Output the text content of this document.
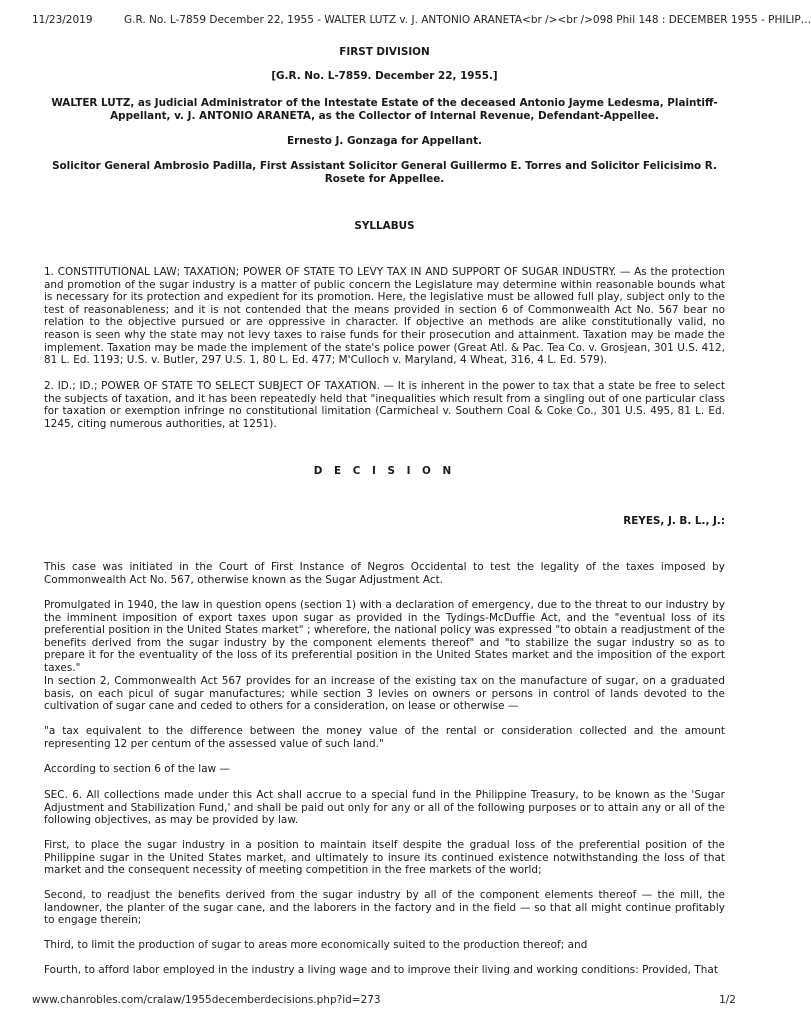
11/23/2019	G.R. No. L-7859 December 22, 1955 - WALTER LUTZ v. J. ANTONIO ARANETA<br /><br />098 Phil 148 : DECEMBER 1955 - PHILIP…
FIRST DIVISION
[G.R. No. L-7859. December 22, 1955.]
WALTER LUTZ, as Judicial Administrator of the Intestate Estate of the deceased Antonio Jayme Ledesma, Plaintiff-Appellant, v. J. ANTONIO ARANETA, as the Collector of Internal Revenue, Defendant-Appellee.
Ernesto J. Gonzaga for Appellant.
Solicitor General Ambrosio Padilla, First Assistant Solicitor General Guillermo E. Torres and Solicitor Felicisimo R. Rosete for Appellee.
SYLLABUS
1. CONSTITUTIONAL LAW; TAXATION; POWER OF STATE TO LEVY TAX IN AND SUPPORT OF SUGAR INDUSTRY. — As the protection and promotion of the sugar industry is a matter of public concern the Legislature may determine within reasonable bounds what is necessary for its protection and expedient for its promotion. Here, the legislative must be allowed full play, subject only to the test of reasonableness; and it is not contended that the means provided in section 6 of Commonwealth Act No. 567 bear no relation to the objective pursued or are oppressive in character. If objective an methods are alike constitutionally valid, no reason is seen why the state may not levy taxes to raise funds for their prosecution and attainment. Taxation may be made the implement. Taxation may be made the implement of the state's police power (Great Atl. & Pac. Tea Co. v. Grosjean, 301 U.S. 412, 81 L. Ed. 1193; U.S. v. Butler, 297 U.S. 1, 80 L. Ed. 477; M'Culloch v. Maryland, 4 Wheat, 316, 4 L. Ed. 579).
2. ID.; ID.; POWER OF STATE TO SELECT SUBJECT OF TAXATION. — It is inherent in the power to tax that a state be free to select the subjects of taxation, and it has been repeatedly held that "inequalities which result from a singling out of one particular class for taxation or exemption infringe no constitutional limitation (Carmicheal v. Southern Coal & Coke Co., 301 U.S. 495, 81 L. Ed. 1245, citing numerous authorities, at 1251).
D E C I S I O N
REYES, J. B. L., J.:
This case was initiated in the Court of First Instance of Negros Occidental to test the legality of the taxes imposed by Commonwealth Act No. 567, otherwise known as the Sugar Adjustment Act.
Promulgated in 1940, the law in question opens (section 1) with a declaration of emergency, due to the threat to our industry by the imminent imposition of export taxes upon sugar as provided in the Tydings-McDuffie Act, and the "eventual loss of its preferential position in the United States market" ; wherefore, the national policy was expressed "to obtain a readjustment of the benefits derived from the sugar industry by the component elements thereof" and "to stabilize the sugar industry so as to prepare it for the eventuality of the loss of its preferential position in the United States market and the imposition of the export taxes."
In section 2, Commonwealth Act 567 provides for an increase of the existing tax on the manufacture of sugar, on a graduated basis, on each picul of sugar manufactures; while section 3 levies on owners or persons in control of lands devoted to the cultivation of sugar cane and ceded to others for a consideration, on lease or otherwise —
"a tax equivalent to the difference between the money value of the rental or consideration collected and the amount representing 12 per centum of the assessed value of such land."
According to section 6 of the law —
SEC. 6. All collections made under this Act shall accrue to a special fund in the Philippine Treasury, to be known as the 'Sugar Adjustment and Stabilization Fund,' and shall be paid out only for any or all of the following purposes or to attain any or all of the following objectives, as may be provided by law.
First, to place the sugar industry in a position to maintain itself despite the gradual loss of the preferential position of the Philippine sugar in the United States market, and ultimately to insure its continued existence notwithstanding the loss of that market and the consequent necessity of meeting competition in the free markets of the world;
Second, to readjust the benefits derived from the sugar industry by all of the component elements thereof — the mill, the landowner, the planter of the sugar cane, and the laborers in the factory and in the field — so that all might continue profitably to engage therein;
Third, to limit the production of sugar to areas more economically suited to the production thereof; and
Fourth, to afford labor employed in the industry a living wage and to improve their living and working conditions: Provided, That
www.chanrobles.com/cralaw/1955decemberdecisions.php?id=273	1/2
